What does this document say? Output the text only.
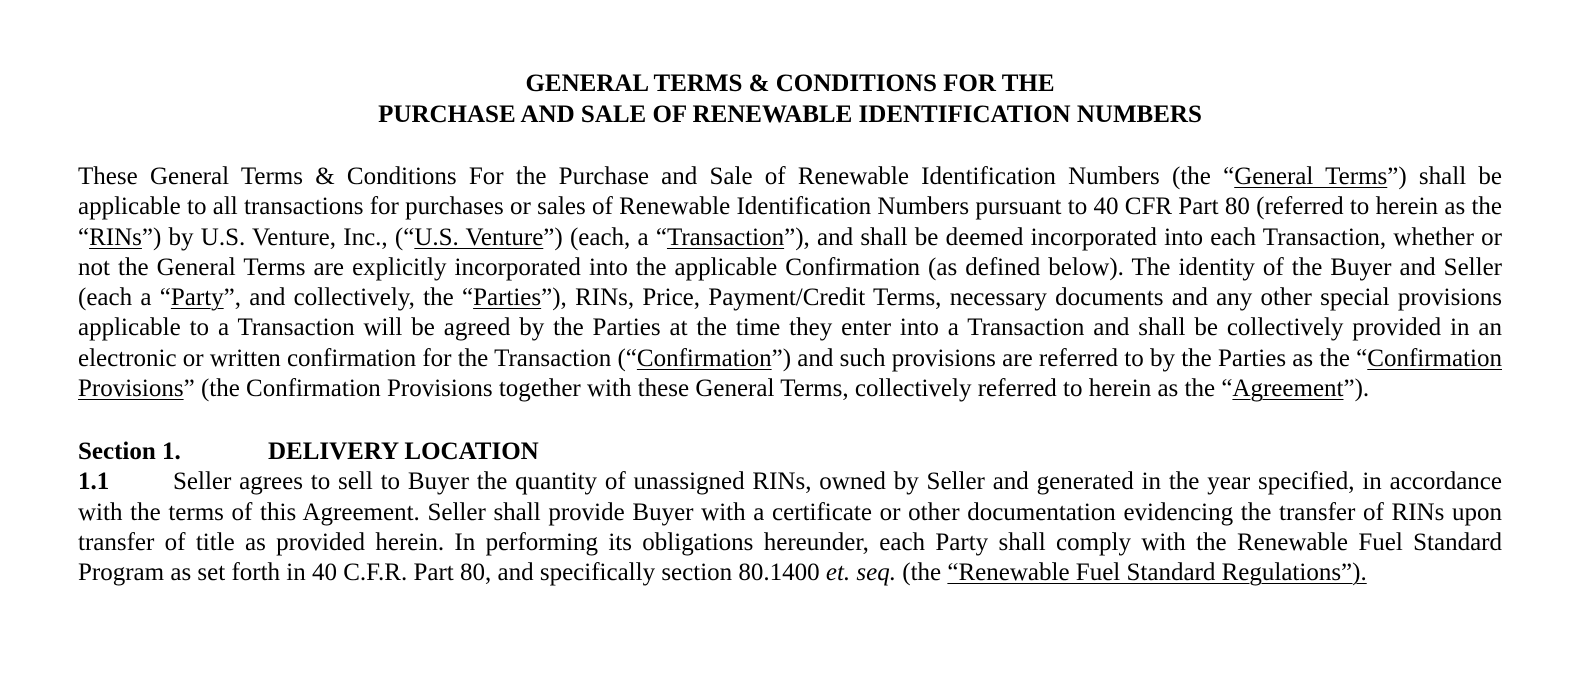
GENERAL TERMS & CONDITIONS FOR THE
PURCHASE AND SALE OF RENEWABLE IDENTIFICATION NUMBERS

These General Terms & Conditions For the Purchase and Sale of Renewable Identification Numbers (the “General Terms”) shall be applicable to all transactions for purchases or sales of Renewable Identification Numbers pursuant to 40 CFR Part 80 (referred to herein as the “RINs”) by U.S. Venture, Inc., (“U.S. Venture”) (each, a “Transaction”), and shall be deemed incorporated into each Transaction, whether or not the General Terms are explicitly incorporated into the applicable Confirmation (as defined below). The identity of the Buyer and Seller (each a “Party”, and collectively, the “Parties”), RINs, Price, Payment/Credit Terms, necessary documents and any other special provisions applicable to a Transaction will be agreed by the Parties at the time they enter into a Transaction and shall be collectively provided in an electronic or written confirmation for the Transaction (“Confirmation”) and such provisions are referred to by the Parties as the “Confirmation Provisions” (the Confirmation Provisions together with these General Terms, collectively referred to herein as the “Agreement”).

Section 1.	DELIVERY LOCATION

1.1	Seller agrees to sell to Buyer the quantity of unassigned RINs, owned by Seller and generated in the year specified, in accordance with the terms of this Agreement. Seller shall provide Buyer with a certificate or other documentation evidencing the transfer of RINs upon transfer of title as provided herein. In performing its obligations hereunder, each Party shall comply with the Renewable Fuel Standard Program as set forth in 40 C.F.R. Part 80, and specifically section 80.1400 et. seq. (the “Renewable Fuel Standard Regulations”).
